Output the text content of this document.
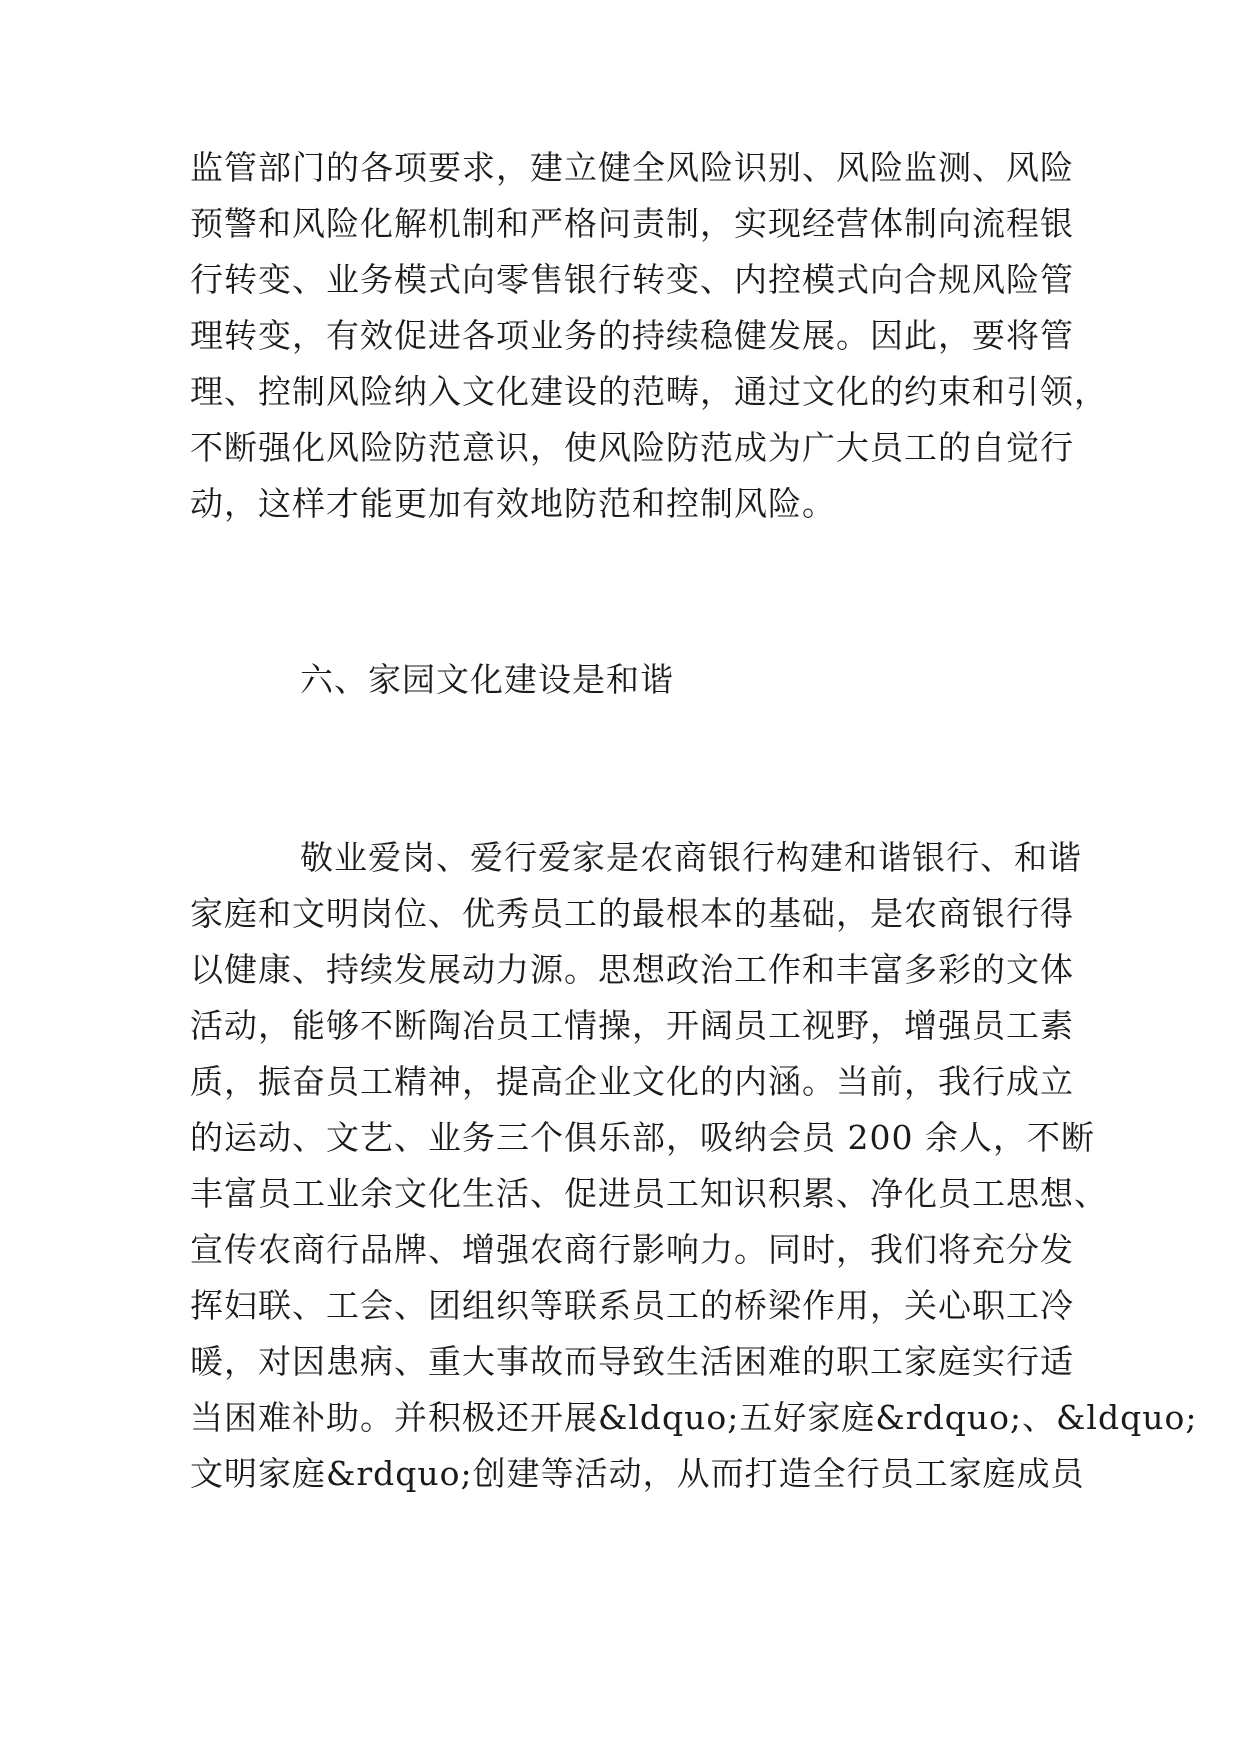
监管部门的各项要求，建立健全风险识别、风险监测、风险
预警和风险化解机制和严格问责制，实现经营体制向流程银
行转变、业务模式向零售银行转变、内控模式向合规风险管
理转变，有效促进各项业务的持续稳健发展。因此，要将管
理、控制风险纳入文化建设的范畴，通过文化的约束和引领，
不断强化风险防范意识，使风险防范成为广大员工的自觉行
动，这样才能更加有效地防范和控制风险。
六、家园文化建设是和谐
敬业爱岗、爱行爱家是农商银行构建和谐银行、和谐
家庭和文明岗位、优秀员工的最根本的基础，是农商银行得
以健康、持续发展动力源。思想政治工作和丰富多彩的文体
活动，能够不断陶冶员工情操，开阔员工视野，增强员工素
质，振奋员工精神，提高企业文化的内涵。当前，我行成立
的运动、文艺、业务三个俱乐部，吸纳会员 200 余人，不断
丰富员工业余文化生活、促进员工知识积累、净化员工思想、
宣传农商行品牌、增强农商行影响力。同时，我们将充分发
挥妇联、工会、团组织等联系员工的桥梁作用，关心职工冷
暖，对因患病、重大事故而导致生活困难的职工家庭实行适
当困难补助。并积极还开展&ldquo;五好家庭&rdquo;、&ldquo;
文明家庭&rdquo;创建等活动，从而打造全行员工家庭成员
